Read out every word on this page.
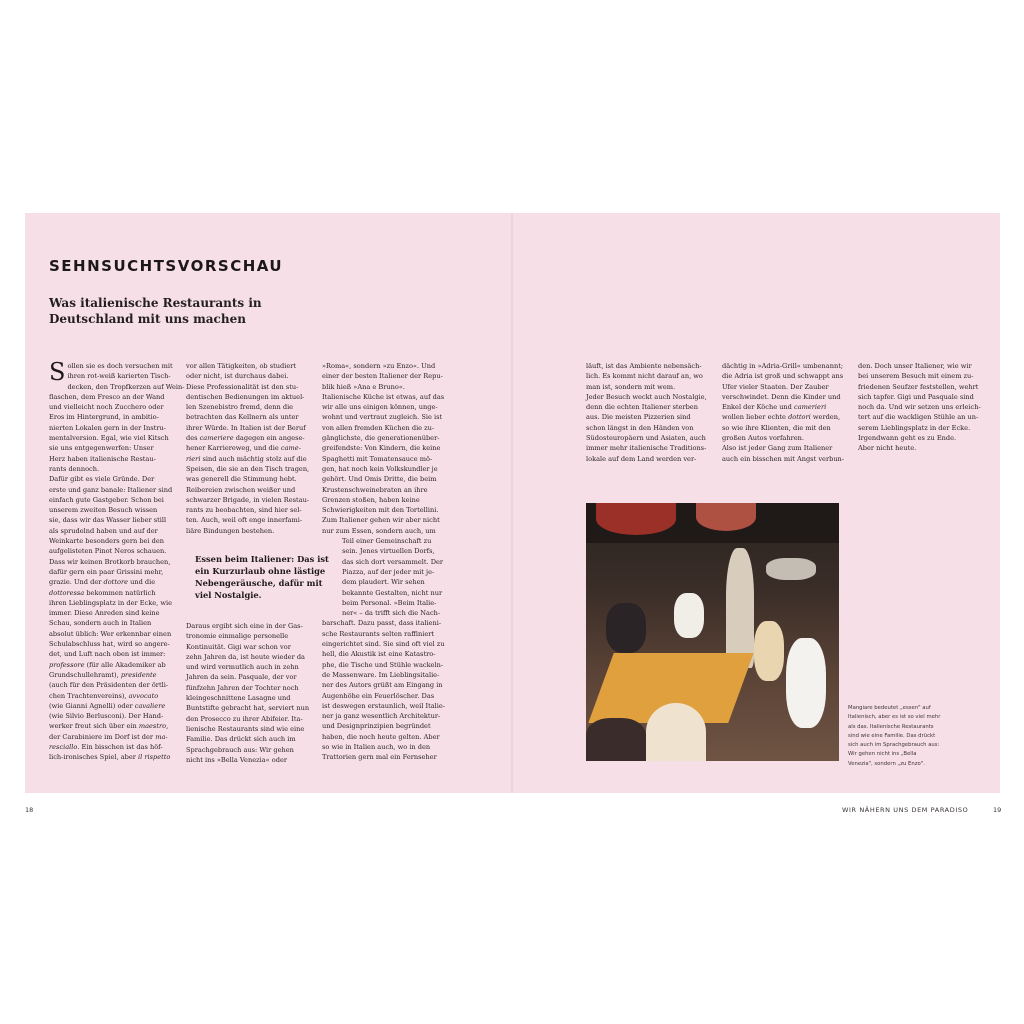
SEHNSUCHTSVORSCHAU
Was italienische Restaurants in Deutschland mit uns machen
S ollen sie es doch versuchen mit

ihren rot-weiß karierten Tisch-

decken, den Tropfkerzen auf Wein-

flaschen, dem Fresco an der Wand

und vielleicht noch Zucchero oder

Eros im Hintergrund, in ambitio-

nierten Lokalen gern in der Instru-

mentalversion. Egal, wie viel Kitsch

sie uns entgegenwerfen: Unser

Herz haben italienische Restau-

rants dennoch.

Dafür gibt es viele Gründe. Der

erste und ganz banale: Italiener sind

einfach gute Gastgeber. Schon bei

unserem zweiten Besuch wissen

sie, dass wir das Wasser lieber still

als sprudelnd haben und auf der

Weinkarte besonders gern bei den

aufgelisteten Pinot Neros schauen.

Dass wir keinen Brotkorb brauchen,

dafür gern ein paar Grissini mehr,

grazie. Und der dottore und die

dottoressa bekommen natürlich

ihren Lieblingsplatz in der Ecke, wie

immer. Diese Anreden sind keine

Schau, sondern auch in Italien

absolut üblich: Wer erkennbar einen

Schulabschluss hat, wird so angere-

det, und Luft nach oben ist immer:

professore (für alle Akademiker ab

Grundschullehramt), presidente

(auch für den Präsidenten der örtli-

chen Trachtenvereins), avvocato

(wie Gianni Agnelli) oder cavaliere

(wie Silvio Berlusconi). Der Hand-

werker freut sich über ein maestro,

der Carabiniere im Dorf ist der ma-

resciallo. Ein bisschen ist das höf-

lich-ironisches Spiel, aber il rispetto

vor allen Tätigkeiten, ob studiert

oder nicht, ist durchaus dabei.

Diese Professionalität ist den stu-

dentischen Bedienungen im aktuel-

len Szenebistro fremd, denn die

betrachten das Kellnern als unter

ihrer Würde. In Italien ist der Beruf

des cameriere dagegen ein angese-

hener Karriereweg, und die came-

rieri sind auch mächtig stolz auf die

Speisen, die sie an den Tisch tragen,

was generell die Stimmung hebt.

Reibereien zwischen weißer und

schwarzer Brigade, in vielen Restau-

rants zu beobachten, sind hier sel-

ten. Auch, weil oft enge innerfami-

liäre Bindungen bestehen.

Daraus ergibt sich eine in der Gas-

tronomie einmalige personelle

Kontinuität. Gigi war schon vor

zehn Jahren da, ist heute wieder da

und wird vermutlich auch in zehn

Jahren da sein. Pasquale, der vor

fünfzehn Jahren der Tochter noch

kleingeschnittene Lasagne und

Buntstifte gebracht hat, serviert nun

den Prosecco zu ihrer Abifeier. Ita-

lienische Restaurants sind wie eine

Familie. Das drückt sich auch im

Sprachgebrauch aus: Wir gehen

nicht ins »Bella Venezia« oder

»Roma«, sondern »zu Enzo«. Und

einer der besten Italiener der Repu-

blik hieß »Ana e Bruno«.

Italienische Küche ist etwas, auf das

wir alle uns einigen können, unge-

wohnt und vertraut zugleich. Sie ist

von allen fremden Küchen die zu-

gänglichste, die generationenüber-

greifendste: Von Kindern, die keine

Spaghetti mit Tomatensauce mö-

gen, hat noch kein Volkskundler je

gehört. Und Omis Dritte, die beim

Krustenschweinebraten an ihre

Grenzen stoßen, haben keine

Schwierigkeiten mit den Tortellini.

Zum Italiener gehen wir aber nicht

nur zum Essen, sondern auch, um

Teil einer Gemeinschaft zu

sein. Jenes virtuellen Dorfs,

das sich dort versammelt. Der

Piazza, auf der jeder mit je-

dem plaudert. Wir sehen

bekannte Gestalten, nicht nur

beim Personal. »Beim Italie-

ner« – da trifft sich die Nach-

barschaft. Dazu passt, dass italieni-

sche Restaurants selten raffiniert

eingerichtet sind. Sie sind oft viel zu

hell, die Akustik ist eine Katastro-

phe, die Tische und Stühle wackeln-

de Massenware. Im Lieblingsitalie-

ner des Autors grüßt am Eingang in

Augenhöhe ein Feuerlöscher. Das

ist deswegen erstaunlich, weil Italie-

ner ja ganz wesentlich Architektur-

und Designprinzipien begründet

haben, die noch heute gelten. Aber

so wie in Italien auch, wo in den

Trattorien gern mal ein Fernseher

läuft, ist das Ambiente nebensäch-

lich. Es kommt nicht darauf an, wo

man ist, sondern mit wem.

Jeder Besuch weckt auch Nostalgie,

denn die echten Italiener sterben

aus. Die meisten Pizzerien sind

schon längst in den Händen von

Südosteuropäern und Asiaten, auch

immer mehr italienische Traditions-

lokale auf dem Land werden ver-

dächtig in »Adria-Grill« umbenannt;

die Adria ist groß und schwappt ans

Ufer vieler Staaten. Der Zauber

verschwindet. Denn die Kinder und

Enkel der Köche und camerieri

wollen lieber echte dottori werden,

so wie ihre Klienten, die mit den

großen Autos vorfahren.

Also ist jeder Gang zum Italiener

auch ein bisschen mit Angst verbun-

den. Doch unser Italiener, wie wir

bei unserem Besuch mit einem zu-

friedenen Seufzer feststellen, wehrt

sich tapfer. Gigi und Pasquale sind

noch da. Und wir setzen uns erleich-

tert auf die wackligen Stühle an un-

serem Lieblingsplatz in der Ecke.

Irgendwann geht es zu Ende.

Aber nicht heute.

Essen beim Italiener: Das ist

ein Kurzurlaub ohne lästige

Nebengeräusche, dafür mit

viel Nostalgie.

Mangiare bedeutet „essen" auf

Italienisch, aber es ist so viel mehr

als das. Italienische Restaurants

sind wie eine Familie. Das drückt

sich auch im Sprachgebrauch aus:

Wir gehen nicht ins „Bella

Venezia", sondern „zu Enzo".

18	WIR NÄHERN UNS DEM PARADISO	19
